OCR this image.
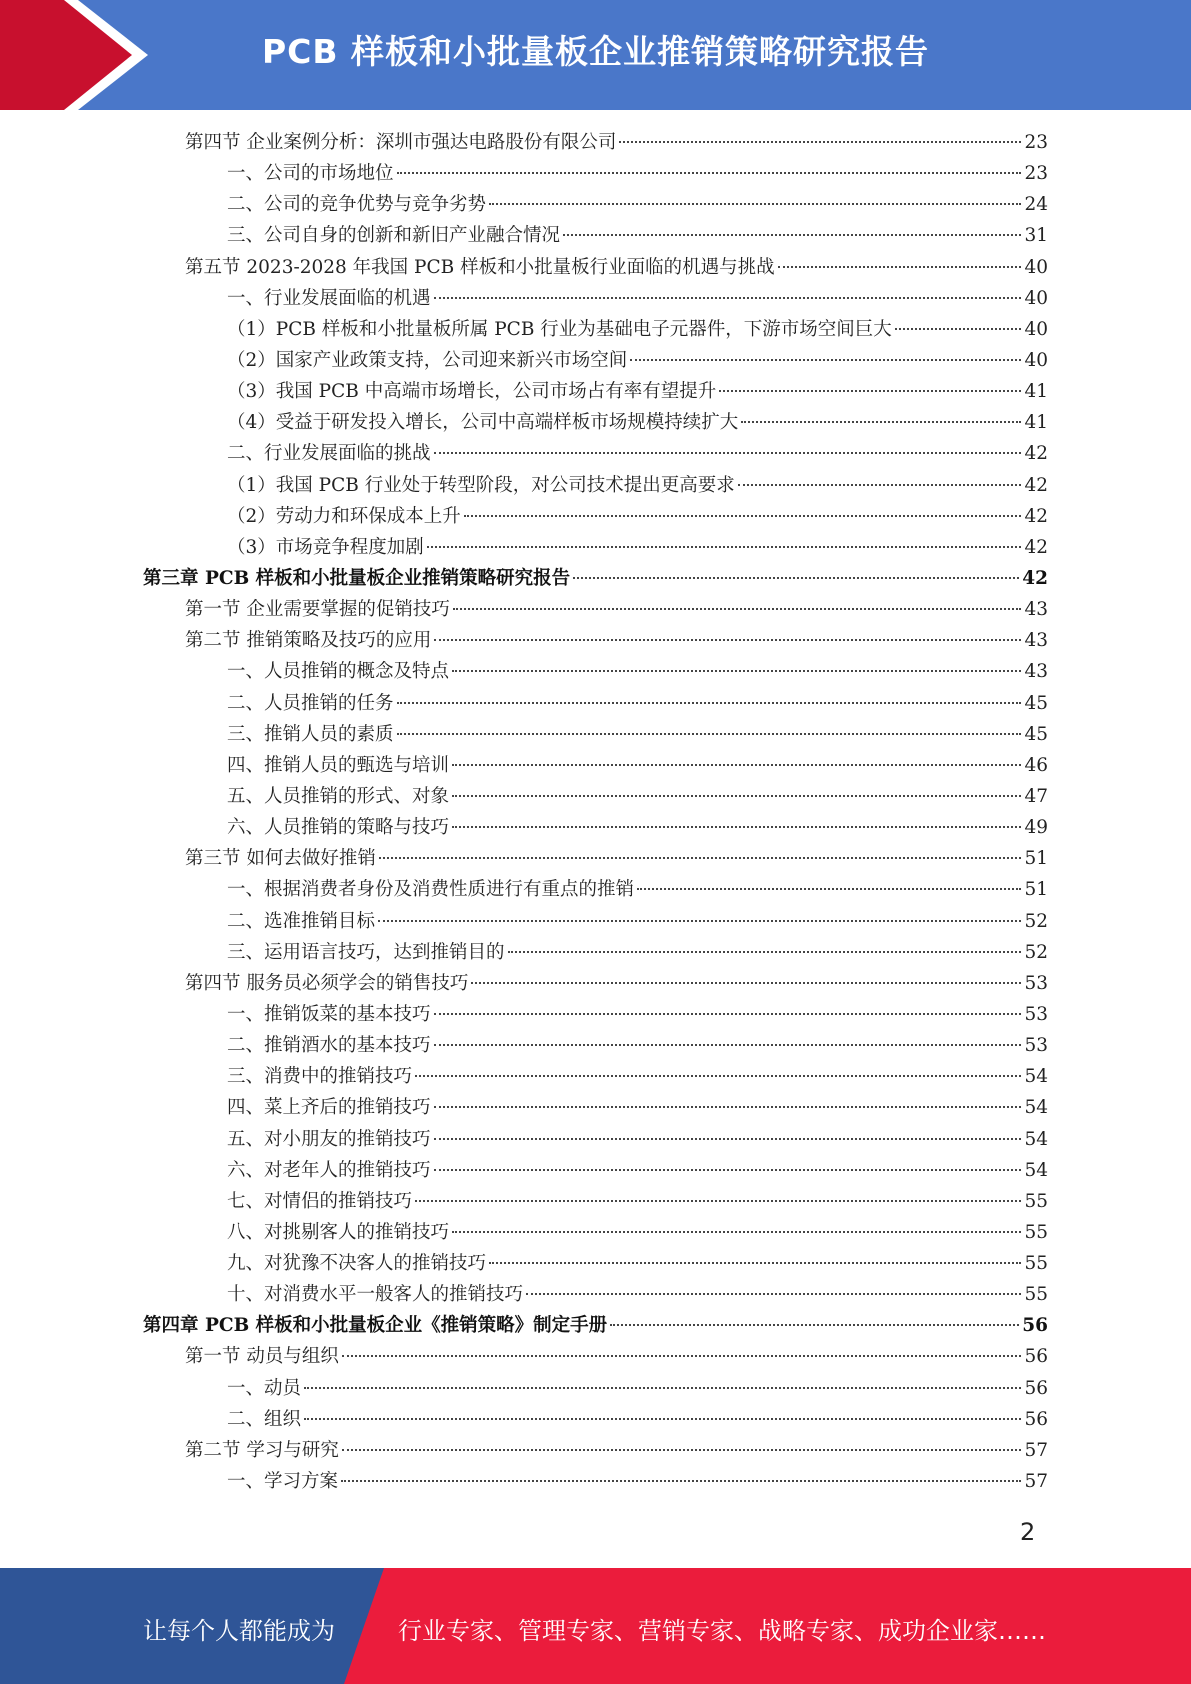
PCB 样板和小批量板企业推销策略研究报告
第四节 企业案例分析：深圳市强达电路股份有限公司	23
一、公司的市场地位	23
二、公司的竞争优势与竞争劣势	24
三、公司自身的创新和新旧产业融合情况	31
第五节 2023-2028 年我国 PCB 样板和小批量板行业面临的机遇与挑战	40
一、行业发展面临的机遇	40
（1）PCB 样板和小批量板所属 PCB 行业为基础电子元器件，下游市场空间巨大	40
（2）国家产业政策支持，公司迎来新兴市场空间	40
（3）我国 PCB 中高端市场增长，公司市场占有率有望提升	41
（4）受益于研发投入增长，公司中高端样板市场规模持续扩大	41
二、行业发展面临的挑战	42
（1）我国 PCB 行业处于转型阶段，对公司技术提出更高要求	42
（2）劳动力和环保成本上升	42
（3）市场竞争程度加剧	42
第三章 PCB 样板和小批量板企业推销策略研究报告	42
第一节 企业需要掌握的促销技巧	43
第二节 推销策略及技巧的应用	43
一、人员推销的概念及特点	43
二、人员推销的任务	45
三、推销人员的素质	45
四、推销人员的甄选与培训	46
五、人员推销的形式、对象	47
六、人员推销的策略与技巧	49
第三节 如何去做好推销	51
一、根据消费者身份及消费性质进行有重点的推销	51
二、选准推销目标	52
三、运用语言技巧，达到推销目的	52
第四节 服务员必须学会的销售技巧	53
一、推销饭菜的基本技巧	53
二、推销酒水的基本技巧	53
三、消费中的推销技巧	54
四、菜上齐后的推销技巧	54
五、对小朋友的推销技巧	54
六、对老年人的推销技巧	54
七、对情侣的推销技巧	55
八、对挑剔客人的推销技巧	55
九、对犹豫不决客人的推销技巧	55
十、对消费水平一般客人的推销技巧	55
第四章 PCB 样板和小批量板企业《推销策略》制定手册	56
第一节 动员与组织	56
一、动员	56
二、组织	56
第二节 学习与研究	57
一、学习方案	57
2
让每个人都能成为	行业专家、管理专家、营销专家、战略专家、成功企业家……
